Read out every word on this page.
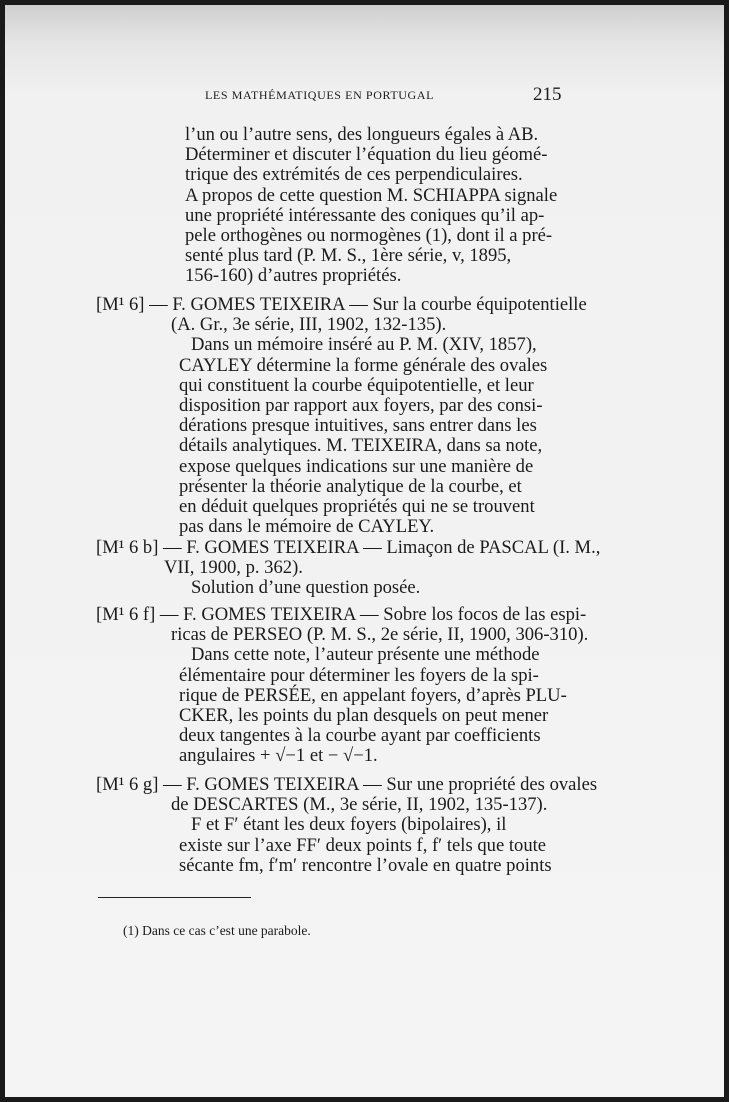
LES MATHÉMATIQUES EN PORTUGAL	215
l’un ou l’autre sens, des longueurs égales à AB.
Déterminer et discuter l’équation du lieu géomé-
trique des extrémités de ces perpendiculaires.
A propos de cette question M. SCHIAPPA signale
une propriété intéressante des coniques qu’il ap-
pele orthogènes ou normogènes (1), dont il a pré-
senté plus tard (P. M. S., 1ère série, v, 1895,
156-160) d’autres propriétés.
[M¹ 6] — F. GOMES TEIXEIRA — Sur la courbe équipotentielle
(A. Gr., 3e série, III, 1902, 132-135).
Dans un mémoire inséré au P. M. (XIV, 1857),
CAYLEY détermine la forme générale des ovales
qui constituent la courbe équipotentielle, et leur
disposition par rapport aux foyers, par des consi-
dérations presque intuitives, sans entrer dans les
détails analytiques. M. TEIXEIRA, dans sa note,
expose quelques indications sur une manière de
présenter la théorie analytique de la courbe, et
en déduit quelques propriétés qui ne se trouvent
pas dans le mémoire de CAYLEY.
[M¹ 6 b] — F. GOMES TEIXEIRA — Limaçon de PASCAL (I. M.,
VII, 1900, p. 362).
Solution d’une question posée.
[M¹ 6 f] — F. GOMES TEIXEIRA — Sobre los focos de las espi-
ricas de PERSEO (P. M. S., 2e série, II, 1900, 306-310).
Dans cette note, l’auteur présente une méthode
élémentaire pour déterminer les foyers de la spi-
rique de PERSÉE, en appelant foyers, d’après PLU-
CKER, les points du plan desquels on peut mener
deux tangentes à la courbe ayant par coefficients
angulaires + √−1 et − √−1.
[M¹ 6 g] — F. GOMES TEIXEIRA — Sur une propriété des ovales
de DESCARTES (M., 3e série, II, 1902, 135-137).
F et F′ étant les deux foyers (bipolaires), il
existe sur l’axe FF′ deux points f, f′ tels que toute
sécante fm, f′m′ rencontre l’ovale en quatre points
(1) Dans ce cas c’est une parabole.
